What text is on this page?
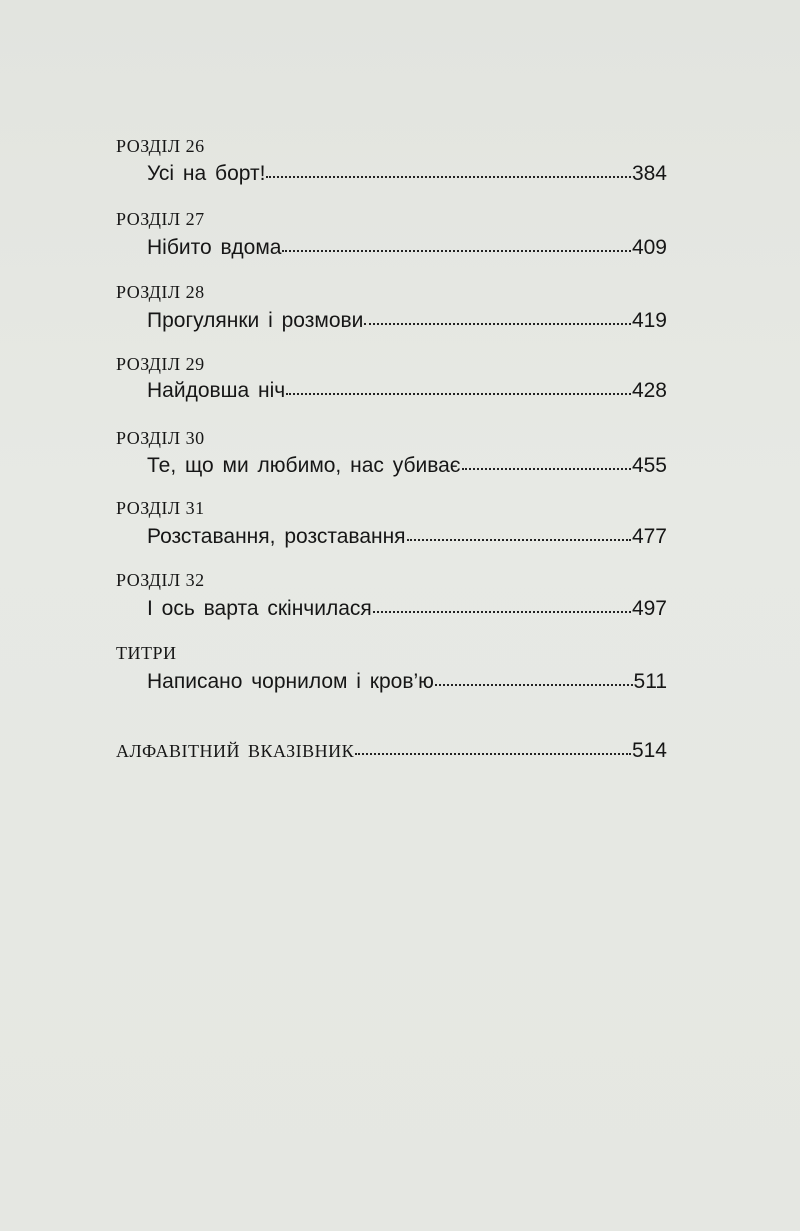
РОЗДІЛ 26
Усі на борт!	384
РОЗДІЛ 27
Нібито вдома	409
РОЗДІЛ 28
Прогулянки і розмови	419
РОЗДІЛ 29
Найдовша ніч	428
РОЗДІЛ 30
Те, що ми любимо, нас убиває	455
РОЗДІЛ 31
Розставання, розставання	477
РОЗДІЛ 32
І ось варта скінчилася	497
ТИТРИ
Написано чорнилом і кров’ю	511
АЛФАВІТНИЙ ВКАЗІВНИК	514
